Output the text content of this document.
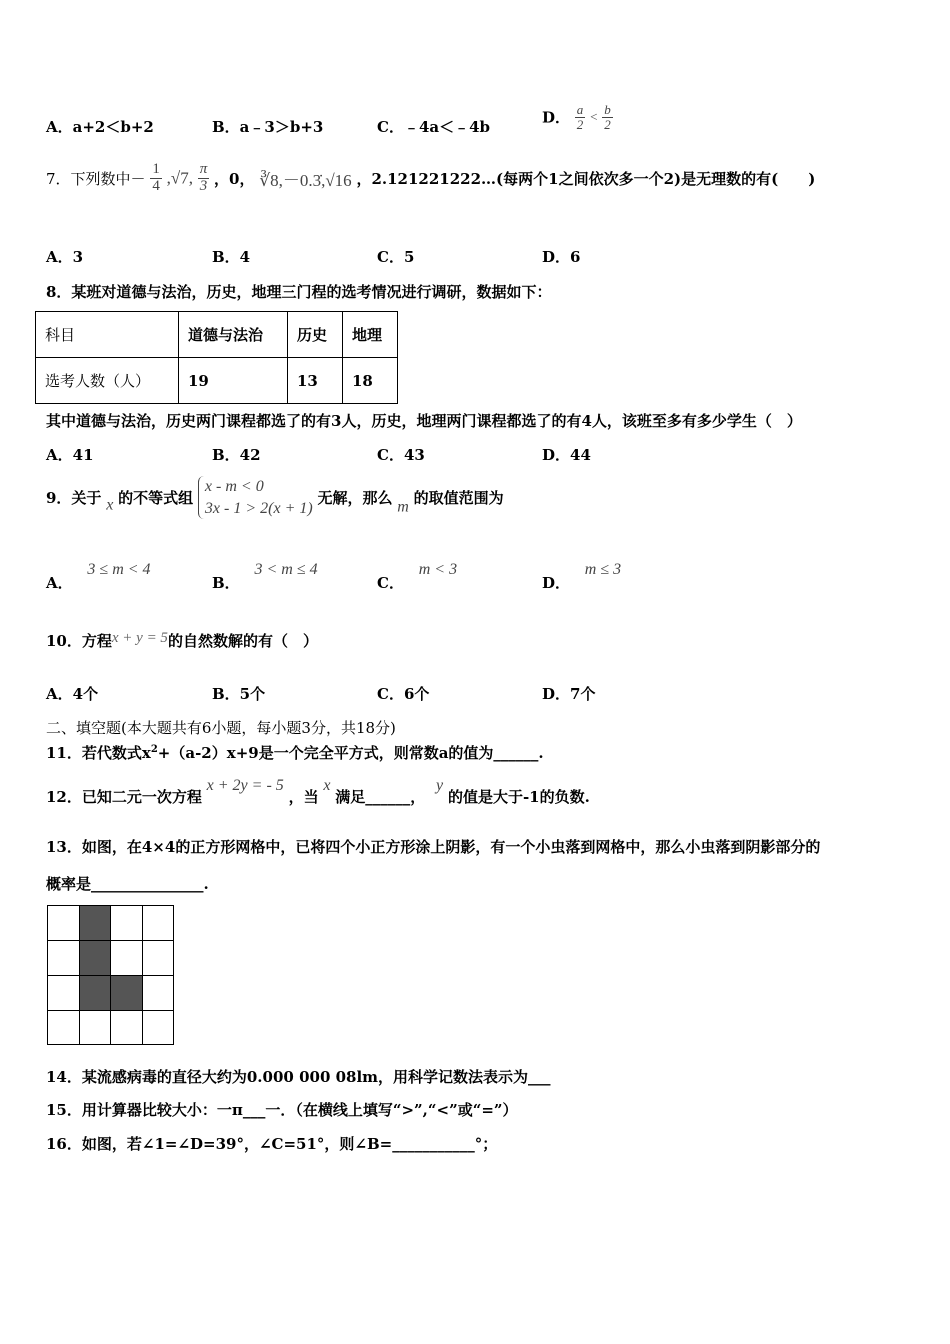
A．a+2＜b+2	B．a﹣3＞b+3	C．﹣4a＜﹣4b
D． $\frac{a}{2} < \frac{b}{2}$
7．下列数中－ $\frac{1}{4} ,√7$, $\frac{\pi}{3}$ ，0， ∛8,－0.3̇,√16 ，2.121221222…(每两个1之间依次多一个2)是无理数的有(　　)
A．3	B．4	C．5	D．6
8．某班对道德与法治，历史，地理三门程的选考情况进行调研，数据如下：
科目	道德与法治	历史	地理
选考人数（人）	19	13	18
其中道德与法治，历史两门课程都选了的有3人，历史，地理两门课程都选了的有4人，该班至多有多少学生（　）
A．41	B．42	C．43	D．44
9．关于 x 的不等式组
x - m < 0
3x - 1 > 2(x + 1)
无解，那么 m 的取值范围为
A． 3 ≤ m < 4
B． 3 < m ≤ 4
C． m < 3
D． m ≤ 3
10．方程x + y = 5的自然数解的有（　）
A．4个	B．5个	C．6个	D．7个
二、填空题(本大题共有6小题，每小题3分，共18分)
11．若代数式$x^2+(a-2)x+9$是一个完全平方式，则常数a的值为______.
12．已知二元一次方程 x + 2y = - 5 ，当 x 满足______， y 的值是大于-1的负数.
13．如图，在4×4的正方形网格中，已将四个小正方形涂上阴影，有一个小虫落到网格中，那么小虫落到阴影部分的
概率是_______________.
14．某流感病毒的直径大约为0.000 000 08lm，用科学记数法表示为___
15．用计算器比较大小：一π___一．（在横线上填写“>”,“<”或“=”）
16．如图，若∠1=∠D=39°，∠C=51°，则∠B=___________°；
